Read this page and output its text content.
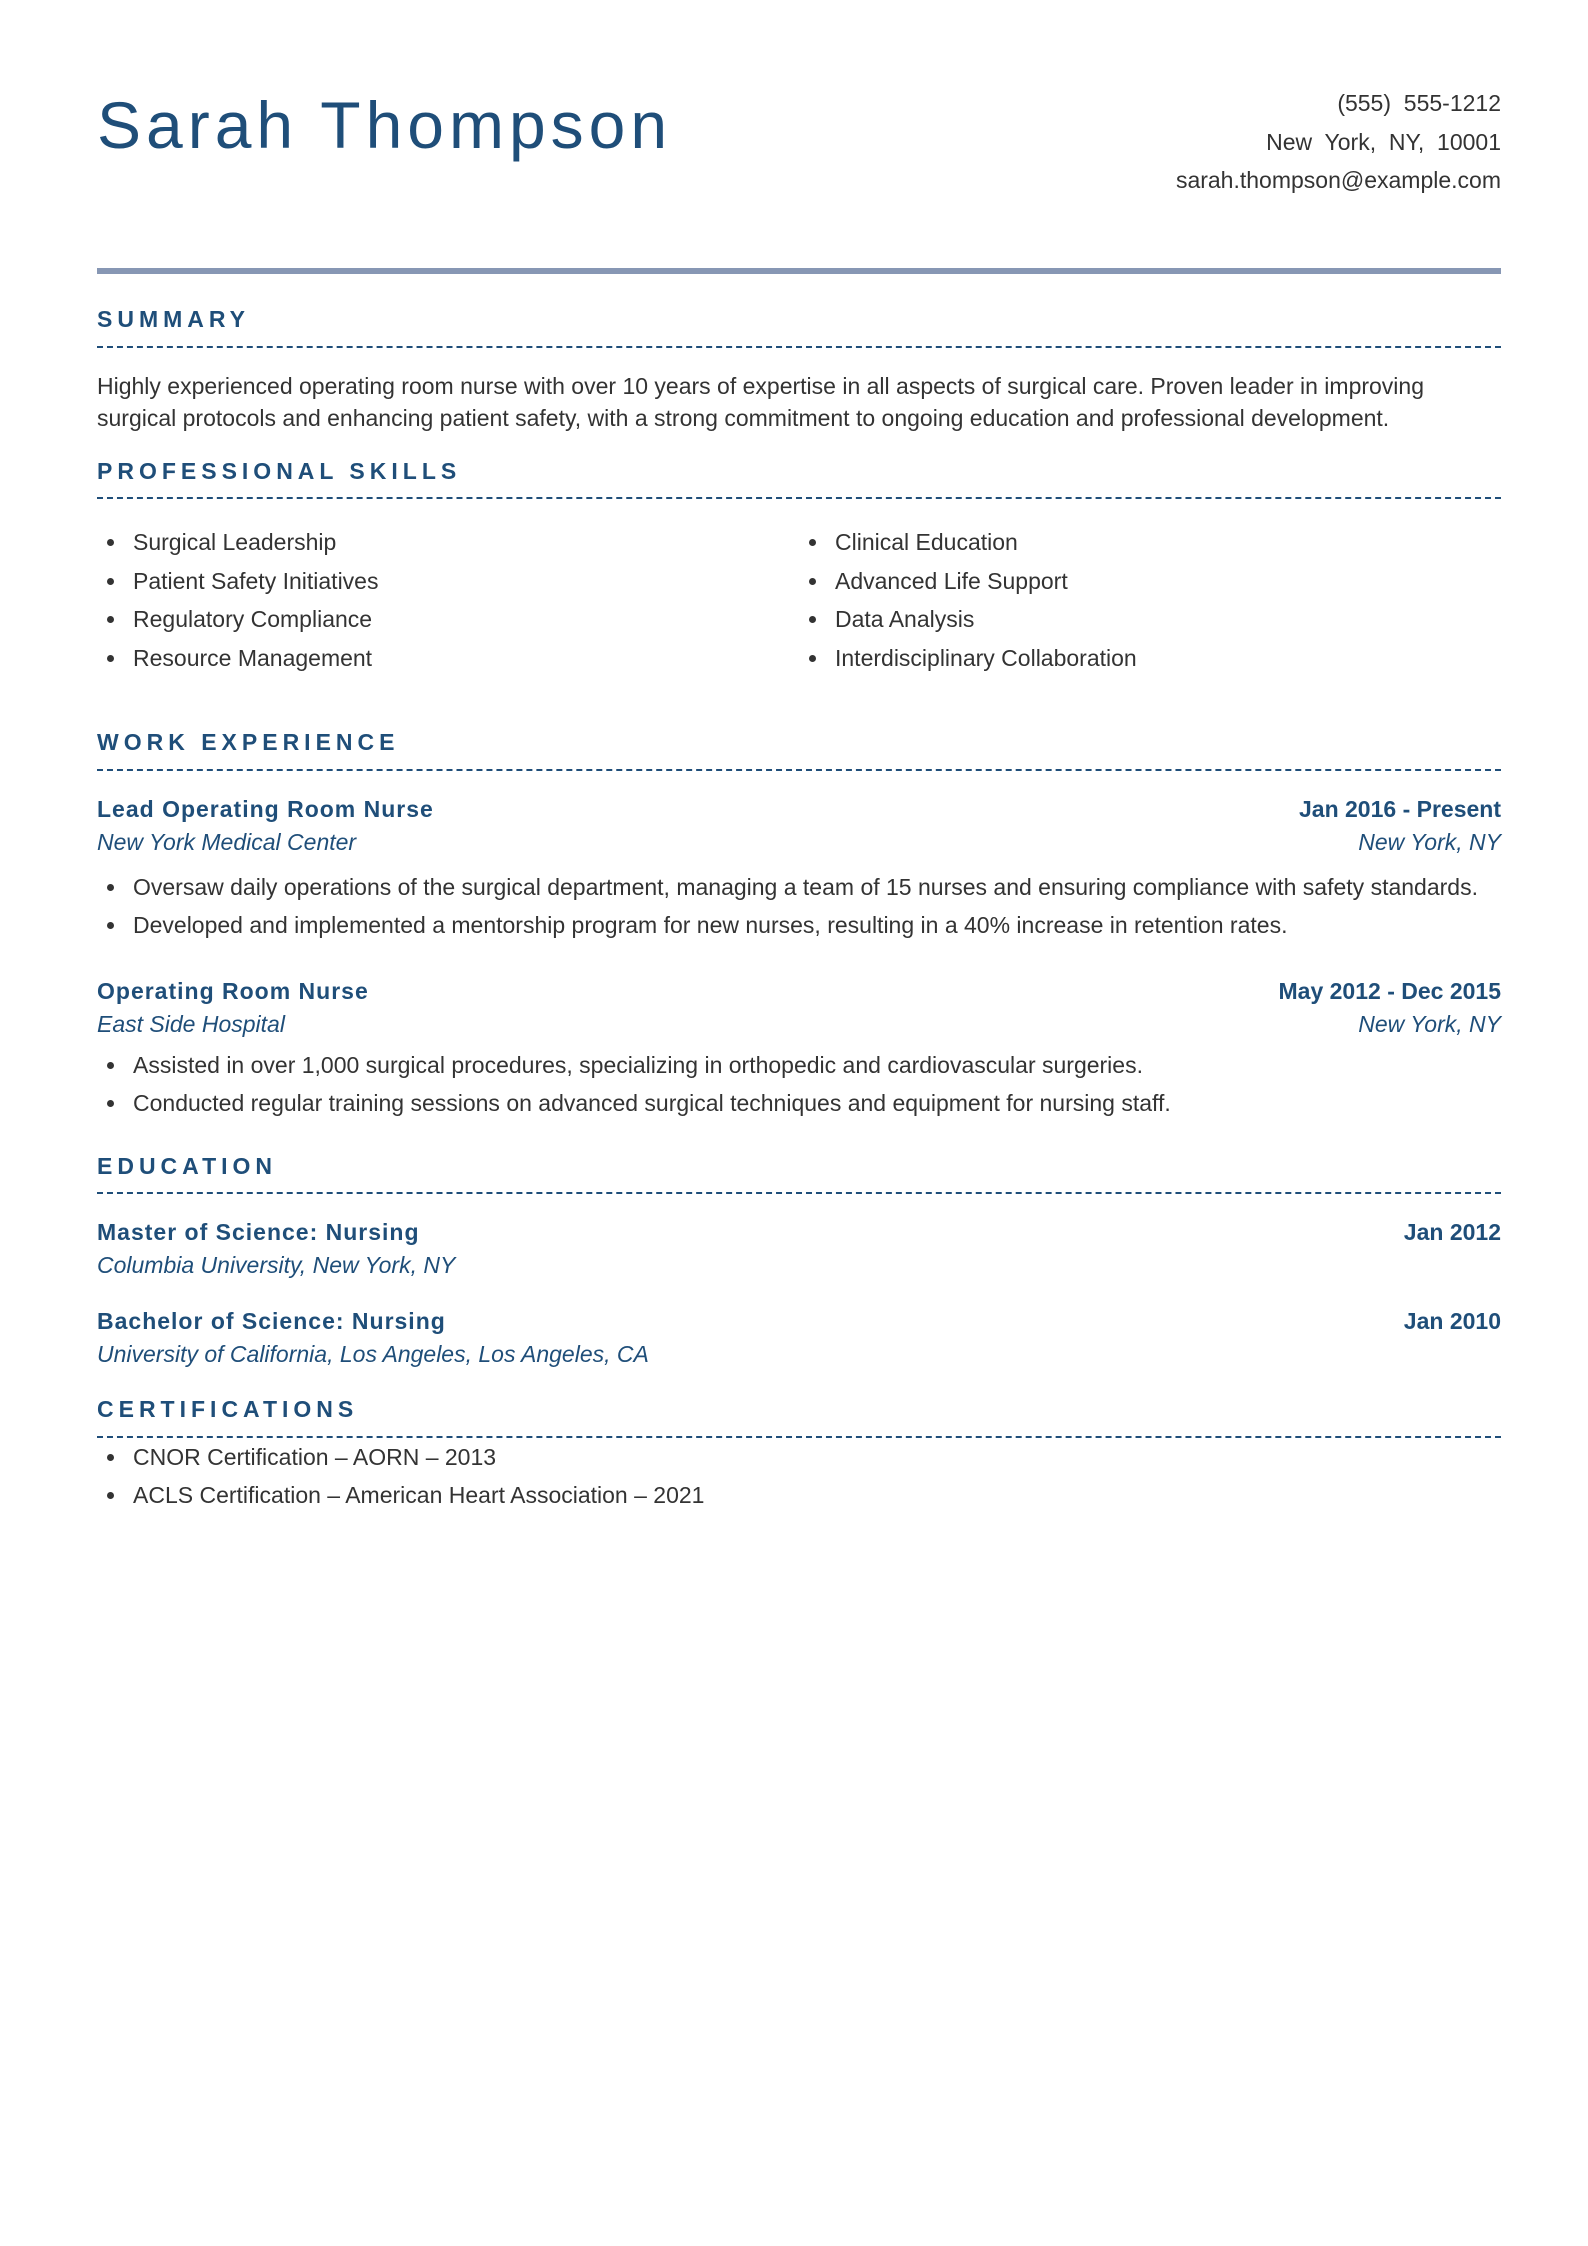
Sarah Thompson	(555)  555-1212
New  York,  NY,  10001
sarah.thompson@example.com
SUMMARY
Highly experienced operating room nurse with over 10 years of expertise in all aspects of surgical care. Proven leader in improving surgical protocols and enhancing patient safety, with a strong commitment to ongoing education and professional development.
PROFESSIONAL SKILLS
Surgical Leadership
Patient Safety Initiatives
Regulatory Compliance
Resource Management
Clinical Education
Advanced Life Support
Data Analysis
Interdisciplinary Collaboration
WORK EXPERIENCE
Lead Operating Room Nurse	Jan 2016 - Present
New York Medical Center	New York, NY
Oversaw daily operations of the surgical department, managing a team of 15 nurses and ensuring compliance with safety standards.
Developed and implemented a mentorship program for new nurses, resulting in a 40% increase in retention rates.
Operating Room Nurse	May 2012 - Dec 2015
East Side Hospital	New York, NY
Assisted in over 1,000 surgical procedures, specializing in orthopedic and cardiovascular surgeries.
Conducted regular training sessions on advanced surgical techniques and equipment for nursing staff.
EDUCATION
Master of Science: Nursing	Jan 2012
Columbia University, New York, NY
Bachelor of Science: Nursing	Jan 2010
University of California, Los Angeles, Los Angeles, CA
CERTIFICATIONS
CNOR Certification – AORN – 2013
ACLS Certification – American Heart Association – 2021
